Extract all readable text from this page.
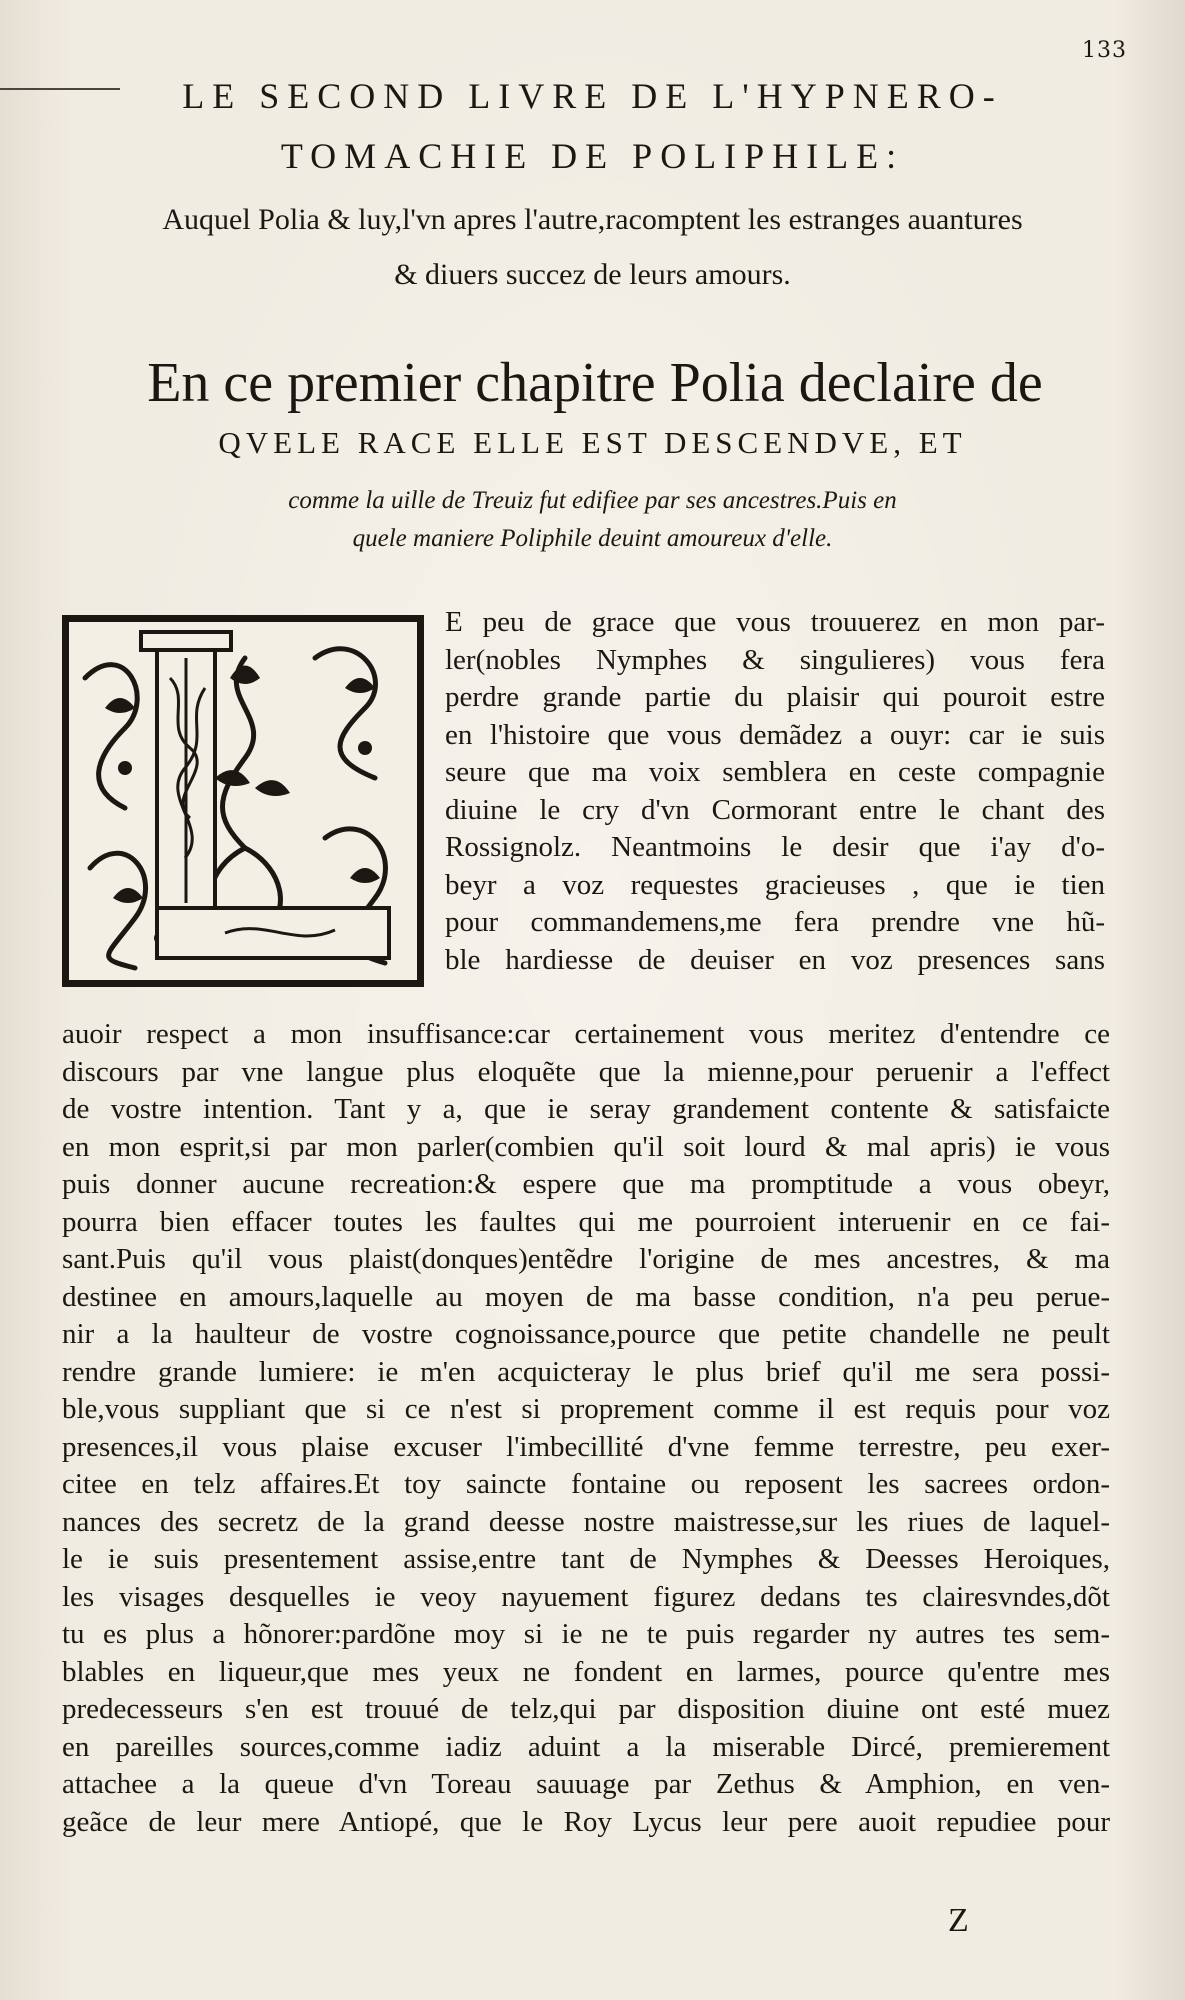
133
LE SECOND LIVRE DE L'HYPNERO-
TOMACHIE DE POLIPHILE:
Auquel Polia & luy,l'vn apres l'autre,racomptent les estranges auantures
& diuers succez de leurs amours.
En ce premier chapitre Polia declaire de
QVELE RACE ELLE EST DESCENDVE, ET
comme la uille de Treuiz fut edifiee par ses ancestres.Puis en
quele maniere Poliphile deuint amoureux d'elle.
E peu de grace que vous trouuerez en mon par-
ler(nobles Nymphes & singulieres) vous fera
perdre grande partie du plaisir qui pouroit estre
en l'histoire que vous demãdez a ouyr: car ie suis
seure que ma voix semblera en ceste compagnie
diuine le cry d'vn Cormorant entre le chant des
Rossignolz. Neantmoins le desir que i'ay d'o-
beyr a voz requestes gracieuses , que ie tien
pour commandemens,me fera prendre vne hũ-
ble hardiesse de deuiser en voz presences sans
auoir respect a mon insuffisance:car certainement vous meritez d'entendre ce
discours par vne langue plus eloquẽte que la mienne,pour peruenir a l'effect
de vostre intention. Tant y a, que ie seray grandement contente & satisfaicte
en mon esprit,si par mon parler(combien qu'il soit lourd & mal apris) ie vous
puis donner aucune recreation:& espere que ma promptitude a vous obeyr,
pourra bien effacer toutes les faultes qui me pourroient interuenir en ce fai-
sant.Puis qu'il vous plaist(donques)entẽdre l'origine de mes ancestres, & ma
destinee en amours,laquelle au moyen de ma basse condition, n'a peu perue-
nir a la haulteur de vostre cognoissance,pource que petite chandelle ne peult
rendre grande lumiere: ie m'en acquicteray le plus brief qu'il me sera possi-
ble,vous suppliant que si ce n'est si proprement comme il est requis pour voz
presences,il vous plaise excuser l'imbecillité d'vne femme terrestre, peu exer-
citee en telz affaires.Et toy saincte fontaine ou reposent les sacrees ordon-
nances des secretz de la grand deesse nostre maistresse,sur les riues de laquel-
le ie suis presentement assise,entre tant de Nymphes & Deesses Heroiques,
les visages desquelles ie veoy nayuement figurez dedans tes clairesvndes,dõt
tu es plus a hõnorer:pardõne moy si ie ne te puis regarder ny autres tes sem-
blables en liqueur,que mes yeux ne fondent en larmes, pource qu'entre mes
predecesseurs s'en est trouué de telz,qui par disposition diuine ont esté muez
en pareilles sources,comme iadiz aduint a la miserable Dircé, premierement
attachee a la queue d'vn Toreau sauuage par Zethus & Amphion, en ven-
geãce de leur mere Antiopé, que le Roy Lycus leur pere auoit repudiee pour
Z
